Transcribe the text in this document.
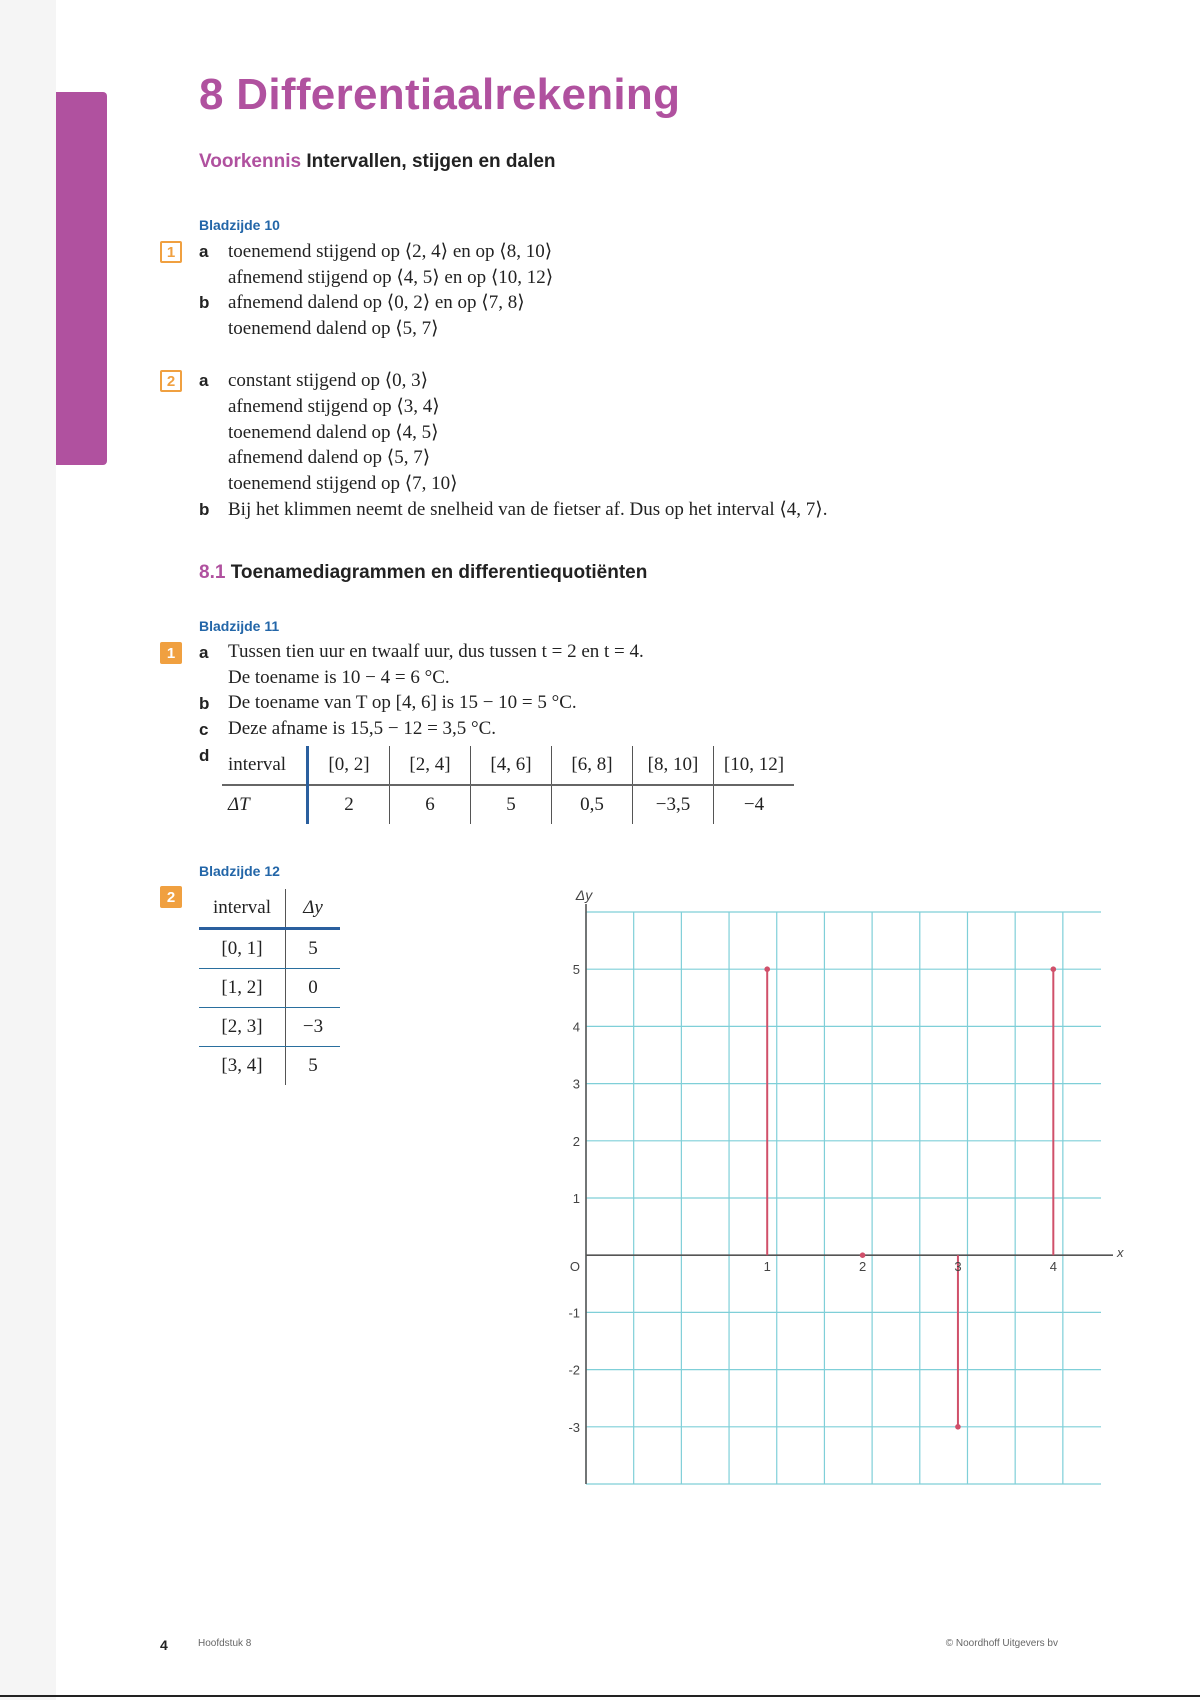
8 Differentiaalrekening
Voorkennis Intervallen, stijgen en dalen
Bladzijde 10
1	a	toenemend stijgend op ⟨2, 4⟩ en op ⟨8, 10⟩
afnemend stijgend op ⟨4, 5⟩ en op ⟨10, 12⟩
b afnemend dalend op ⟨0, 2⟩ en op ⟨7, 8⟩
toenemend dalend op ⟨5, 7⟩
2	a	constant stijgend op ⟨0, 3⟩
afnemend stijgend op ⟨3, 4⟩
toenemend dalend op ⟨4, 5⟩
afnemend dalend op ⟨5, 7⟩
toenemend stijgend op ⟨7, 10⟩
b Bij het klimmen neemt de snelheid van de fietser af. Dus op het interval ⟨4, 7⟩.
8.1 Toenamediagrammen en differentiequotiënten
Bladzijde 11
1	a	Tussen tien uur en twaalf uur, dus tussen t = 2 en t = 4.
De toename is 10 − 4 = 6 °C.
b De toename van T op [4, 6] is 15 − 10 = 5 °C.
c	Deze afname is 15,5 − 12 = 3,5 °C.
d interval	[0, 2]	[2, 4]	[4, 6]	[6, 8]	[8, 10]	[10, 12]
ΔT	2	6	5	0,5	−3,5	−4
Bladzijde 12
2	interval	Δy
[0, 1]	5
[1, 2]	0
[2, 3]	−3
[3, 4]	5
1	2	3	4
-3
-2
-1
1
2
3
4
5
O
x
Δy
4	Hoofdstuk 8	© Noordhoff Uitgevers bv
